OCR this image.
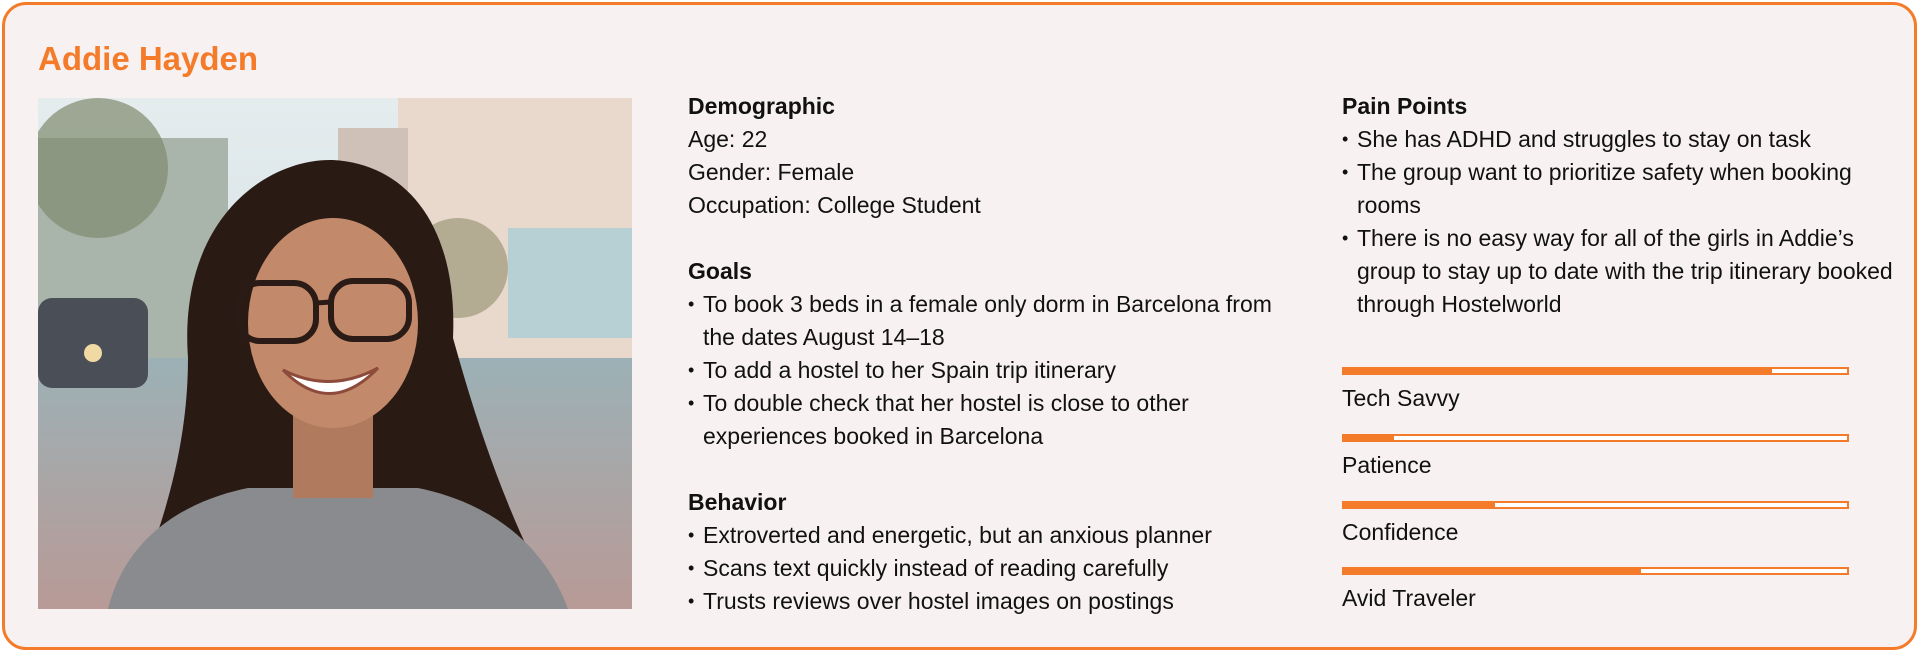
Addie Hayden

Demographic

Age: 22

Gender: Female

Occupation: College Student

Goals

• To book 3 beds in a female only dorm in Barcelona from the dates August 14–18
• To add a hostel to her Spain trip itinerary
• To double check that her hostel is close to other experiences booked in Barcelona

Behavior

• Extroverted and energetic, but an anxious planner
• Scans text quickly instead of reading carefully
• Trusts reviews over hostel images on postings

Pain Points

• She has ADHD and struggles to stay on task
• The group want to prioritize safety when booking rooms
• There is no easy way for all of the girls in Addie’s group to stay up to date with the trip itinerary booked through Hostelworld
Tech Savvy
Patience
Confidence
Avid Traveler
